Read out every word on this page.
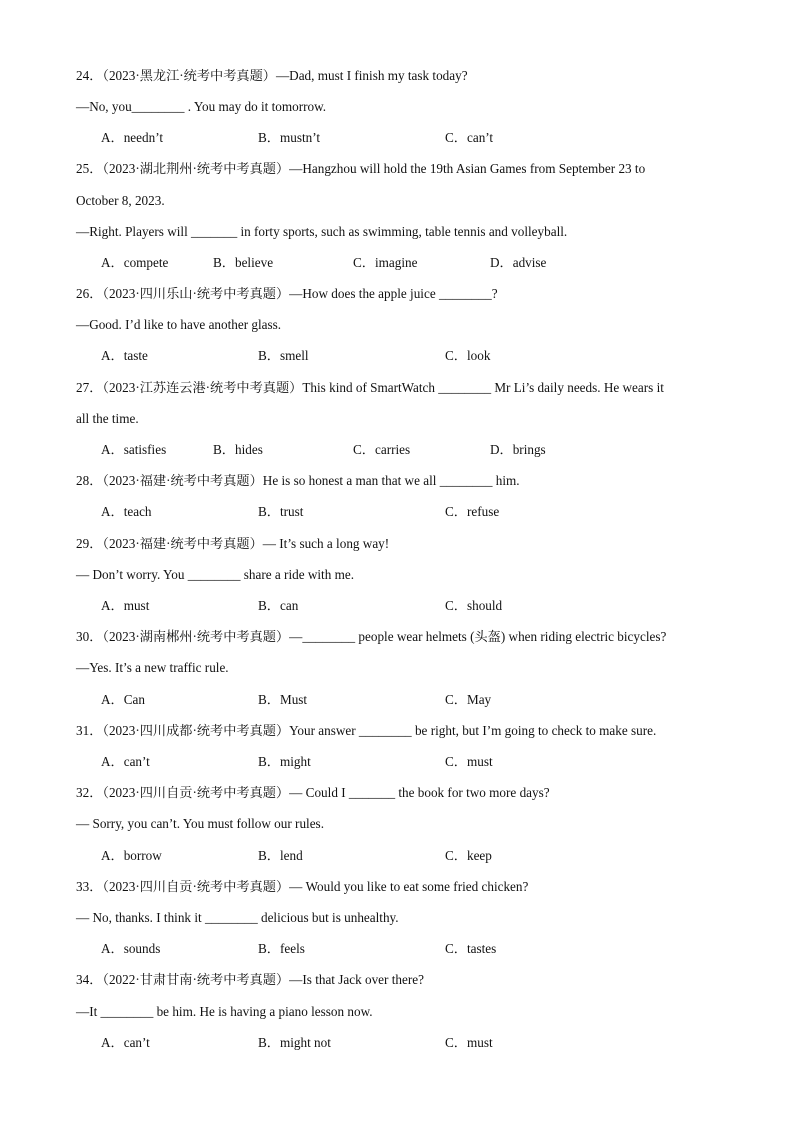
24．（2023·黑龙江·统考中考真题）—Dad, must I finish my task today?
—No, you________ . You may do it tomorrow.
A．needn’t	B．mustn’t	C．can’t
25．（2023·湖北荆州·统考中考真题）—Hangzhou will hold the 19th Asian Games from September 23 to
October 8, 2023.
—Right. Players will _______ in forty sports, such as swimming, table tennis and volleyball.
A．compete	B．believe	C．imagine	D．advise
26．（2023·四川乐山·统考中考真题）—How does the apple juice ________?
—Good. I’d like to have another glass.
A．taste	B．smell	C．look
27．（2023·江苏连云港·统考中考真题）This kind of SmartWatch ________ Mr Li’s daily needs. He wears it
all the time.
A．satisfies	B．hides	C．carries	D．brings
28．（2023·福建·统考中考真题）He is so honest a man that we all ________ him.
A．teach	B．trust	C．refuse
29．（2023·福建·统考中考真题）— It’s such a long way!
— Don’t worry. You ________ share a ride with me.
A．must	B．can	C．should
30．（2023·湖南郴州·统考中考真题）—________ people wear helmets (头盔) when riding electric bicycles?
—Yes. It’s a new traffic rule.
A．Can	B．Must	C．May
31．（2023·四川成都·统考中考真题）Your answer ________ be right, but I’m going to check to make sure.
A．can’t	B．might	C．must
32．（2023·四川自贡·统考中考真题）— Could I _______ the book for two more days?
— Sorry, you can’t. You must follow our rules.
A．borrow	B．lend	C．keep
33．（2023·四川自贡·统考中考真题）— Would you like to eat some fried chicken?
— No, thanks. I think it ________ delicious but is unhealthy.
A．sounds	B．feels	C．tastes
34．（2022·甘肃甘南·统考中考真题）—Is that Jack over there?
—It ________ be him. He is having a piano lesson now.
A．can’t	B．might not	C．must
